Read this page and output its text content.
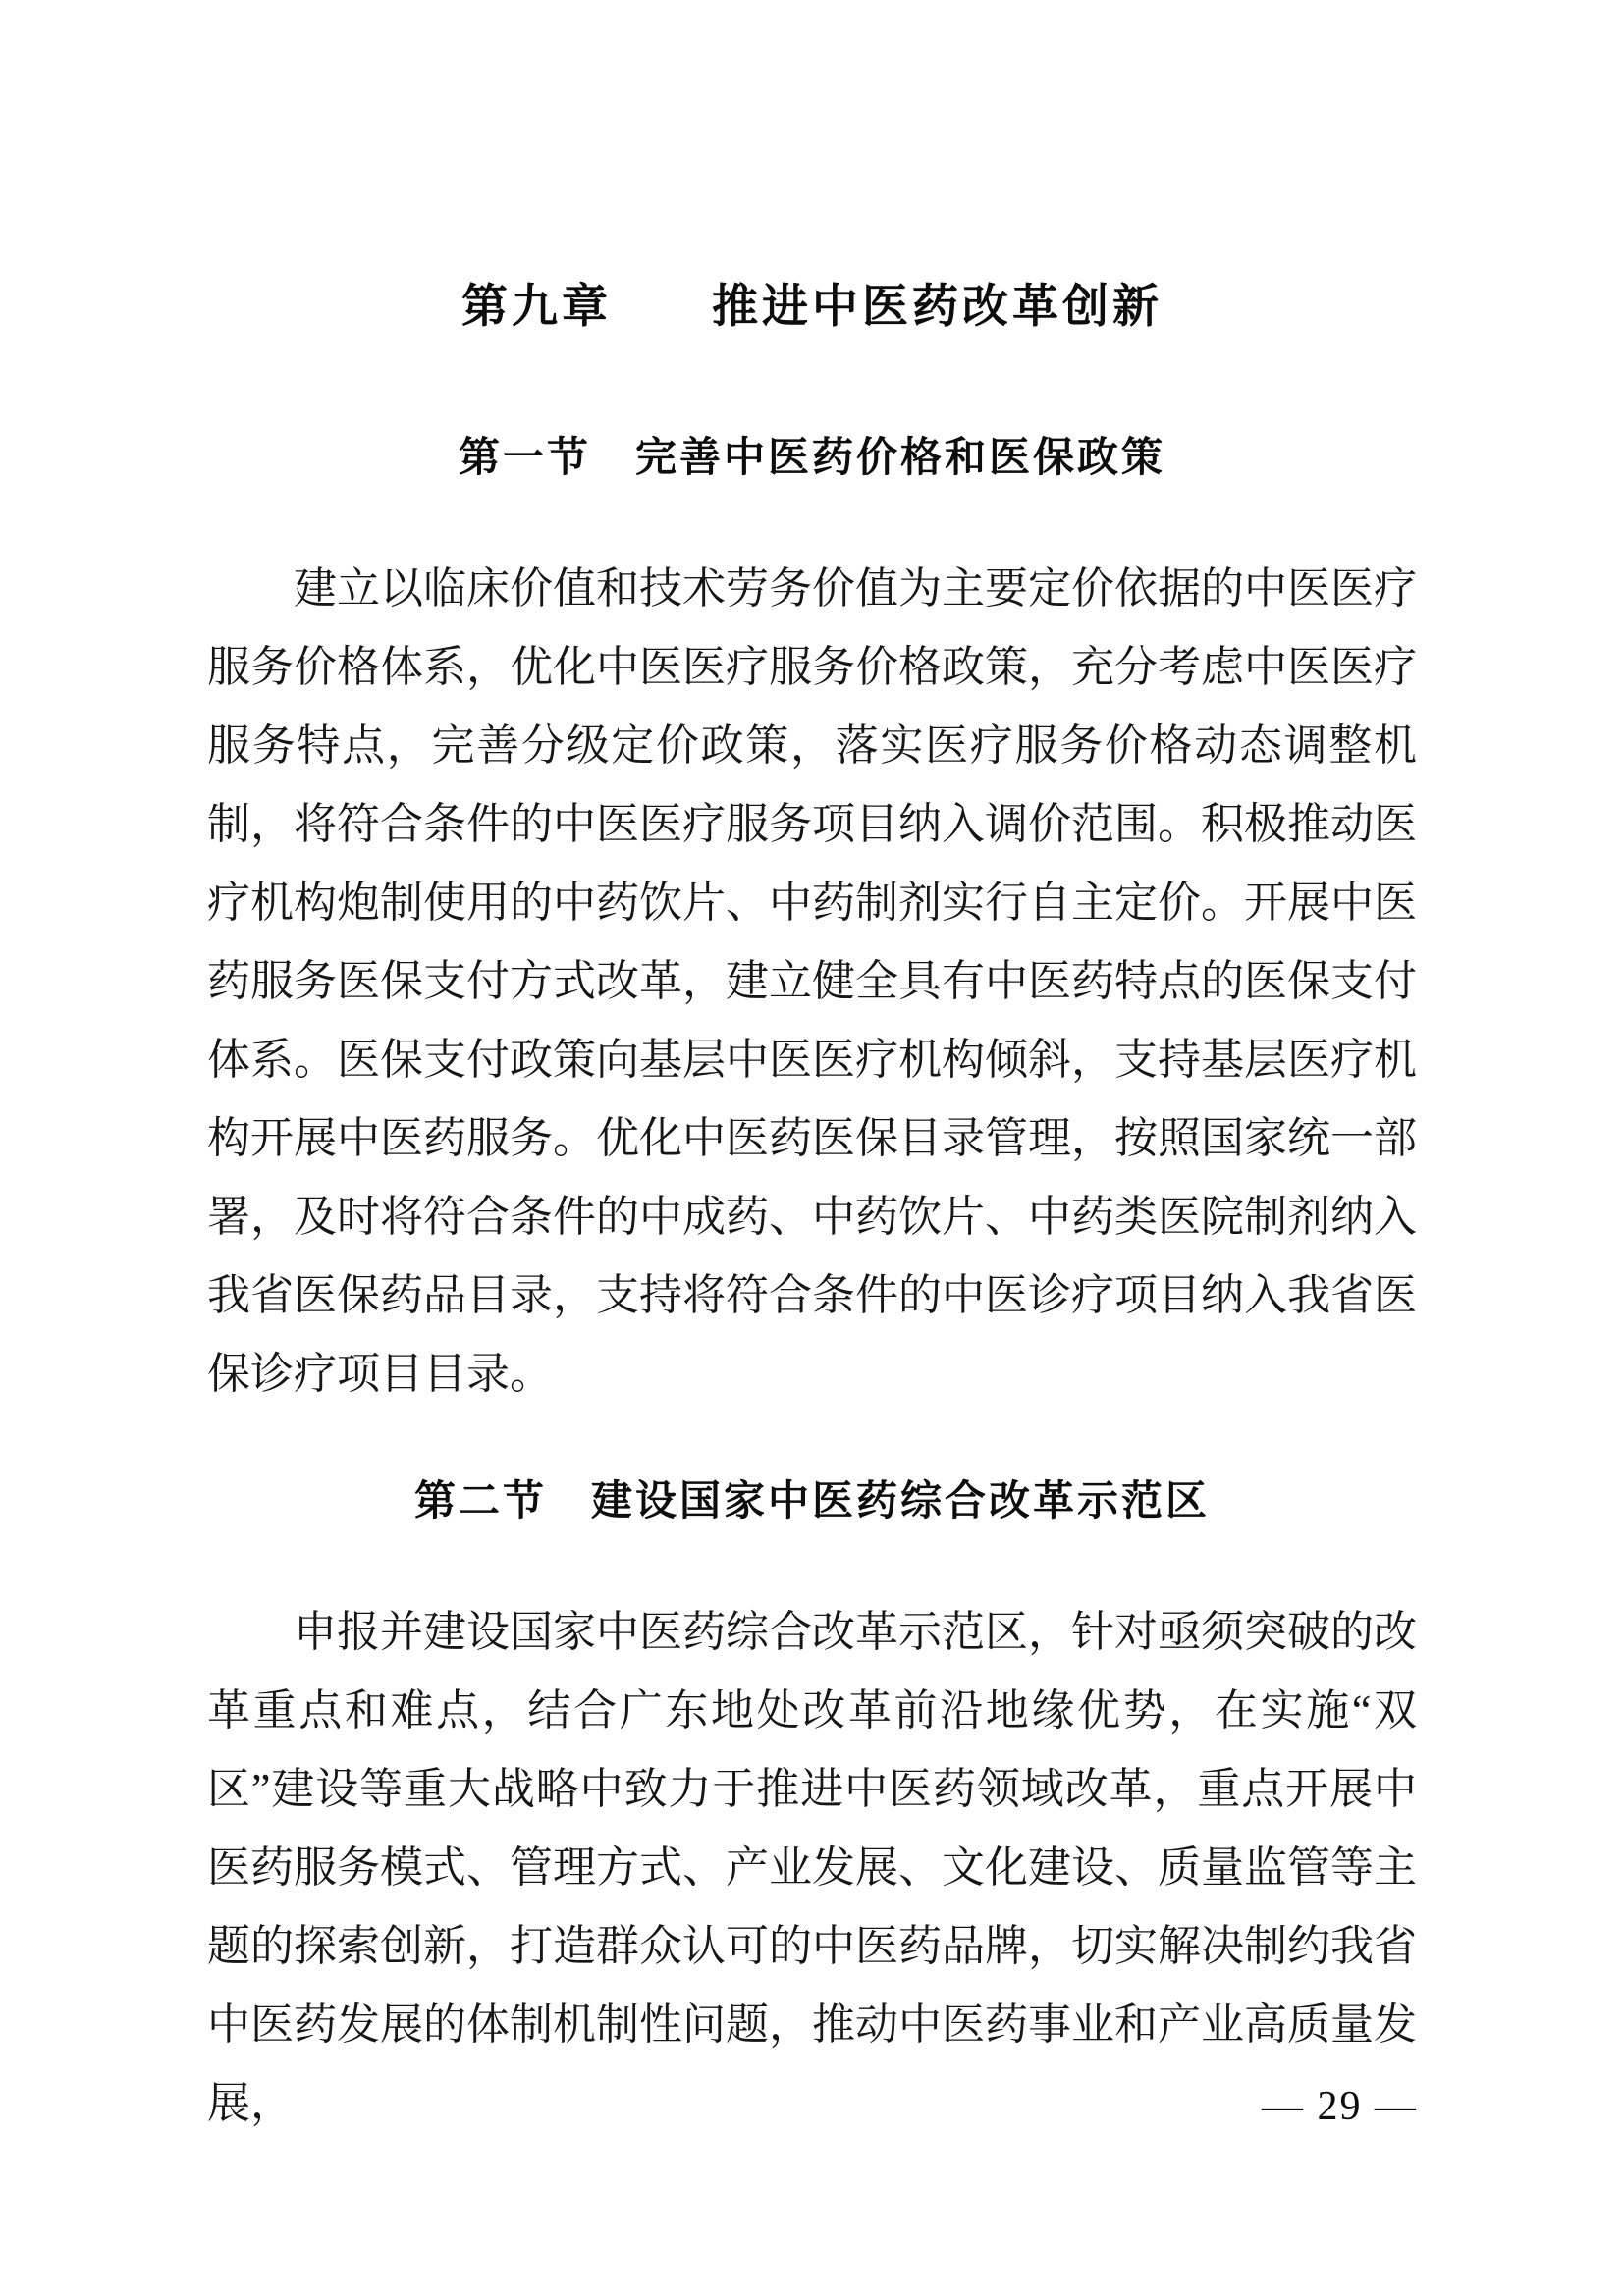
第九章　　推进中医药改革创新
第一节　完善中医药价格和医保政策

建立以临床价值和技术劳务价值为主要定价依据的中医医疗服务价格体系，优化中医医疗服务价格政策，充分考虑中医医疗服务特点，完善分级定价政策，落实医疗服务价格动态调整机制，将符合条件的中医医疗服务项目纳入调价范围。积极推动医疗机构炮制使用的中药饮片、中药制剂实行自主定价。开展中医药服务医保支付方式改革，建立健全具有中医药特点的医保支付体系。医保支付政策向基层中医医疗机构倾斜，支持基层医疗机构开展中医药服务。优化中医药医保目录管理，按照国家统一部署，及时将符合条件的中成药、中药饮片、中药类医院制剂纳入我省医保药品目录，支持将符合条件的中医诊疗项目纳入我省医保诊疗项目目录。

第二节　建设国家中医药综合改革示范区

申报并建设国家中医药综合改革示范区，针对亟须突破的改革重点和难点，结合广东地处改革前沿地缘优势，在实施“双区”建设等重大战略中致力于推进中医药领域改革，重点开展中医药服务模式、管理方式、产业发展、文化建设、质量监管等主题的探索创新，打造群众认可的中医药品牌，切实解决制约我省中医药发展的体制机制性问题，推动中医药事业和产业高质量发展，	— 29 —
